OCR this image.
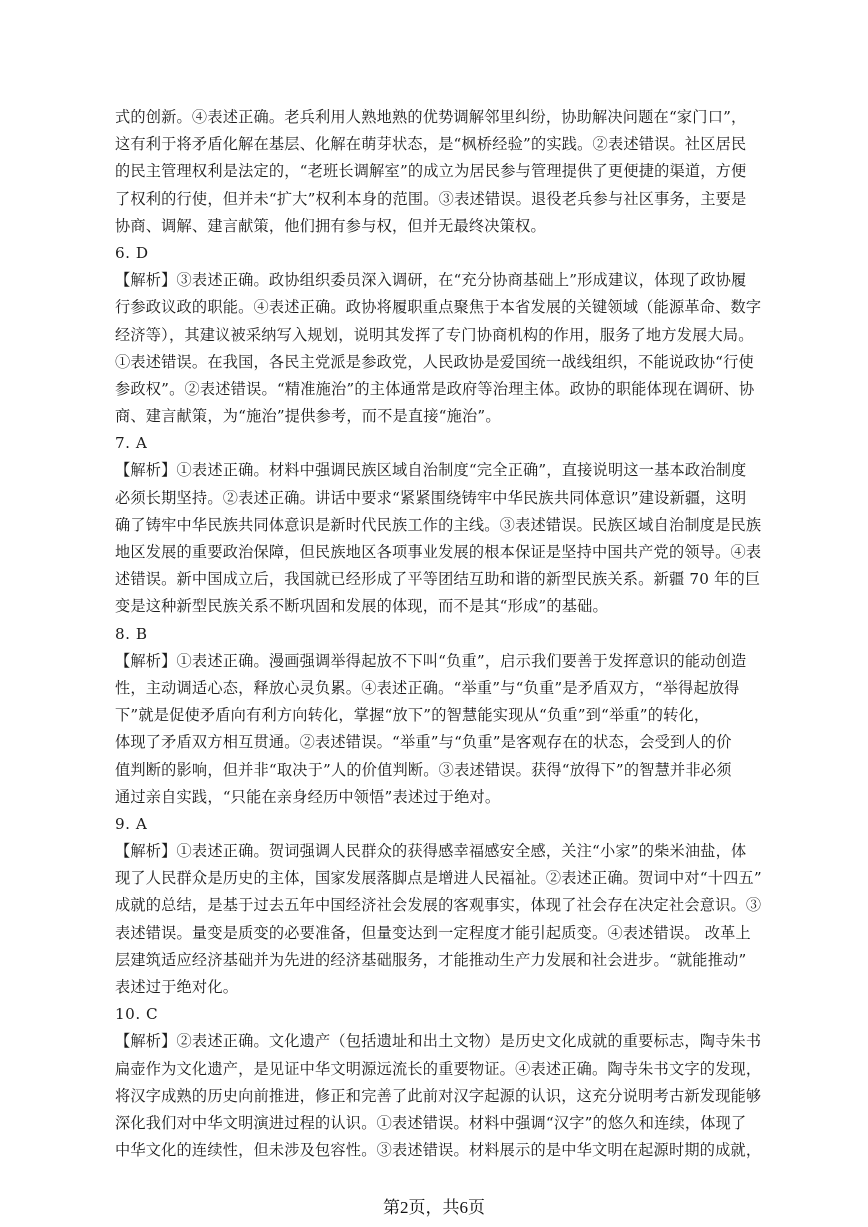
式的创新。④表述正确。老兵利用人熟地熟的优势调解邻里纠纷，协助解决问题在“家门口”，
这有利于将矛盾化解在基层、化解在萌芽状态，是“枫桥经验”的实践。②表述错误。社区居民
的民主管理权利是法定的，“老班长调解室”的成立为居民参与管理提供了更便捷的渠道，方便
了权利的行使，但并未“扩大”权利本身的范围。③表述错误。退役老兵参与社区事务，主要是
协商、调解、建言献策，他们拥有参与权，但并无最终决策权。
6. D
【解析】③表述正确。政协组织委员深入调研，在“充分协商基础上”形成建议，体现了政协履
行参政议政的职能。④表述正确。政协将履职重点聚焦于本省发展的关键领域（能源革命、数字
经济等），其建议被采纳写入规划，说明其发挥了专门协商机构的作用，服务了地方发展大局。
①表述错误。在我国，各民主党派是参政党，人民政协是爱国统一战线组织，不能说政协“行使
参政权”。②表述错误。“精准施治”的主体通常是政府等治理主体。政协的职能体现在调研、协
商、建言献策，为“施治”提供参考，而不是直接“施治”。
7. A
【解析】①表述正确。材料中强调民族区域自治制度“完全正确”，直接说明这一基本政治制度
必须长期坚持。②表述正确。讲话中要求“紧紧围绕铸牢中华民族共同体意识”建设新疆，这明
确了铸牢中华民族共同体意识是新时代民族工作的主线。③表述错误。民族区域自治制度是民族
地区发展的重要政治保障，但民族地区各项事业发展的根本保证是坚持中国共产党的领导。④表
述错误。新中国成立后，我国就已经形成了平等团结互助和谐的新型民族关系。新疆 70 年的巨
变是这种新型民族关系不断巩固和发展的体现，而不是其“形成”的基础。
8. B
【解析】①表述正确。漫画强调举得起放不下叫“负重”，启示我们要善于发挥意识的能动创造
性，主动调适心态，释放心灵负累。④表述正确。“举重”与“负重”是矛盾双方，“举得起放得
下”就是促使矛盾向有利方向转化，掌握“放下”的智慧能实现从“负重”到“举重”的转化，
体现了矛盾双方相互贯通。②表述错误。“举重”与“负重”是客观存在的状态，会受到人的价
值判断的影响，但并非“取决于”人的价值判断。③表述错误。获得“放得下”的智慧并非必须
通过亲自实践，“只能在亲身经历中领悟”表述过于绝对。
9. A
【解析】①表述正确。贺词强调人民群众的获得感幸福感安全感，关注“小家”的柴米油盐，体
现了人民群众是历史的主体，国家发展落脚点是增进人民福祉。②表述正确。贺词中对“十四五”
成就的总结，是基于过去五年中国经济社会发展的客观事实，体现了社会存在决定社会意识。③
表述错误。量变是质变的必要准备，但量变达到一定程度才能引起质变。④表述错误。 改革上
层建筑适应经济基础并为先进的经济基础服务，才能推动生产力发展和社会进步。“就能推动”
表述过于绝对化。
10. C
【解析】②表述正确。文化遗产（包括遗址和出土文物）是历史文化成就的重要标志，陶寺朱书
扁壶作为文化遗产，是见证中华文明源远流长的重要物证。④表述正确。陶寺朱书文字的发现，
将汉字成熟的历史向前推进，修正和完善了此前对汉字起源的认识，这充分说明考古新发现能够
深化我们对中华文明演进过程的认识。①表述错误。材料中强调“汉字”的悠久和连续，体现了
中华文化的连续性，但未涉及包容性。③表述错误。材料展示的是中华文明在起源时期的成就，
第2页，共6页
